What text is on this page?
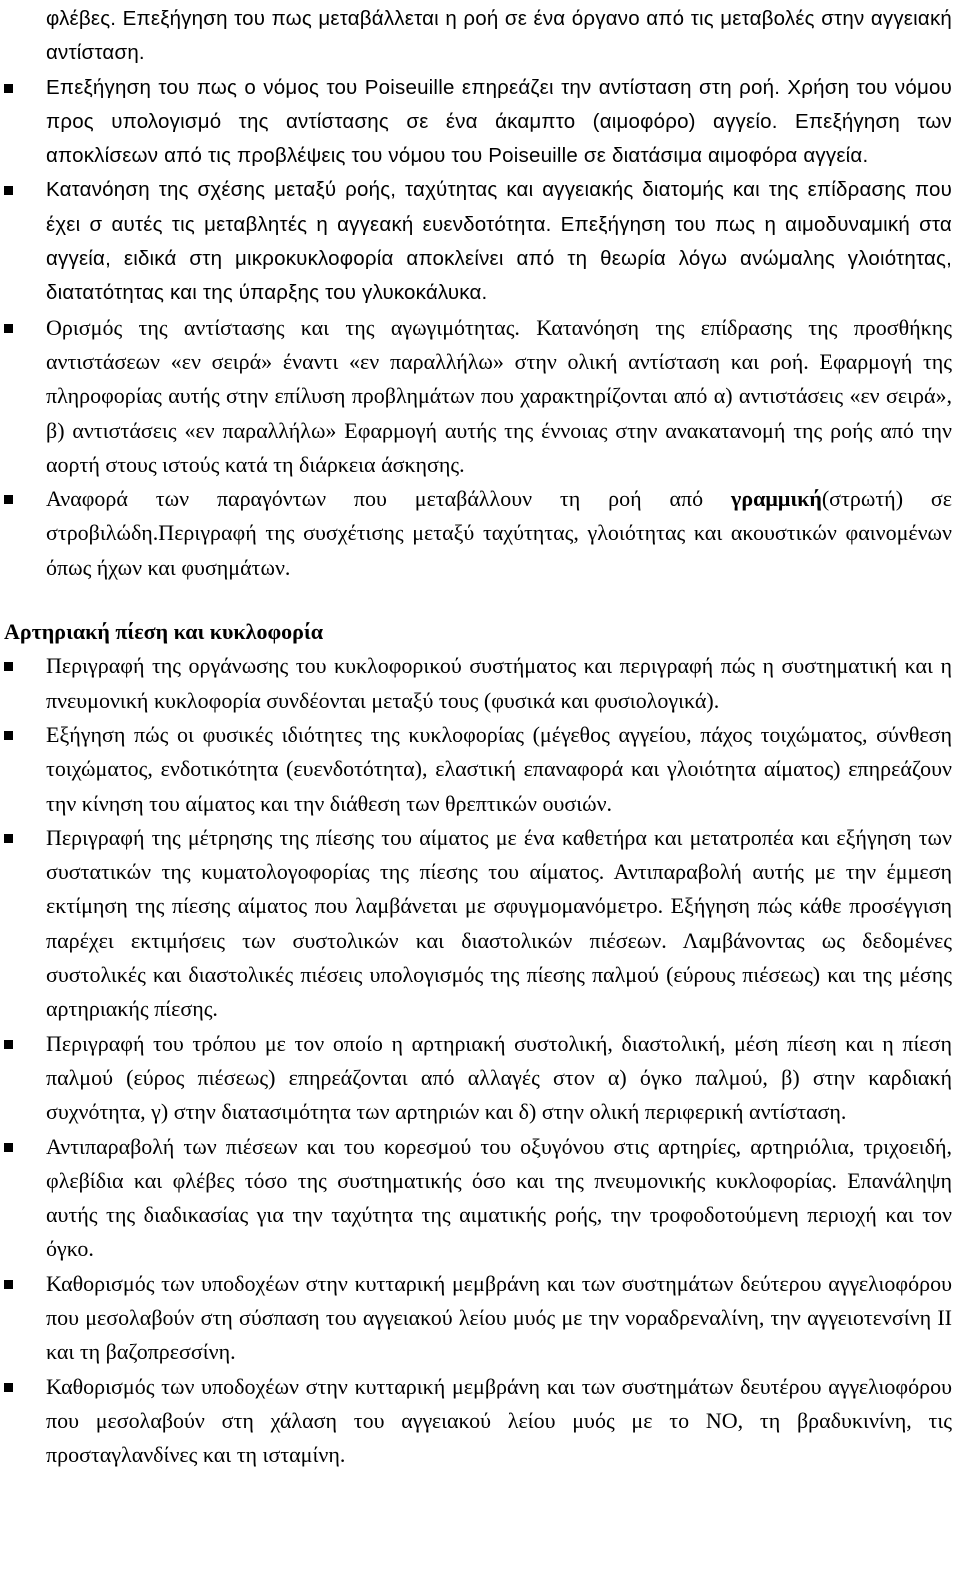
φλέβες. Επεξήγηση του πως μεταβάλλεται η ροή σε ένα όργανο από τις μεταβολές στην αγγειακή αντίσταση.

Επεξήγηση του πως ο νόμος του Poiseuille επηρεάζει την αντίσταση στη ροή. Χρήση του νόμου προς υπολογισμό της αντίστασης σε ένα άκαμπτο (αιμοφόρο) αγγείο. Επεξήγηση των αποκλίσεων από τις προβλέψεις του νόμου του Poiseuille σε διατάσιμα αιμοφόρα αγγεία.
Κατανόηση της σχέσης μεταξύ ροής, ταχύτητας και αγγειακής διατομής και της επίδρασης που έχει σ αυτές τις μεταβλητές η αγγεακή ευενδοτότητα. Επεξήγηση του πως η αιμοδυναμική στα αγγεία, ειδικά στη μικροκυκλοφορία αποκλείνει από τη θεωρία λόγω ανώμαλης γλοιότητας, διατατότητας και της ύπαρξης του γλυκοκάλυκα.
Ορισμός της αντίστασης και της αγωγιμότητας. Κατανόηση της επίδρασης της προσθήκης αντιστάσεων «εν σειρά» έναντι «εν παραλλήλω» στην ολική αντίσταση και ροή. Εφαρμογή της πληροφορίας αυτής στην επίλυση προβλημάτων που χαρακτηρίζονται από α) αντιστάσεις «εν σειρά», β) αντιστάσεις «εν παραλλήλω» Εφαρμογή αυτής της έννοιας στην ανακατανομή της ροής από την αορτή στους ιστούς κατά τη διάρκεια άσκησης.
Αναφορά των παραγόντων που μεταβάλλουν τη ροή από γραμμική(στρωτή) σε στροβιλώδη.Περιγραφή της συσχέτισης μεταξύ ταχύτητας, γλοιότητας και ακουστικών φαινομένων όπως ήχων και φυσημάτων.

Αρτηριακή πίεση και κυκλοφορία

Περιγραφή της οργάνωσης του κυκλοφορικού συστήματος και περιγραφή πώς η συστηματική και η πνευμονική κυκλοφορία συνδέονται μεταξύ τους (φυσικά και φυσιολογικά).
Εξήγηση πώς οι φυσικές ιδιότητες της κυκλοφορίας (μέγεθος αγγείου, πάχος τοιχώματος, σύνθεση τοιχώματος, ενδοτικότητα (ευενδοτότητα), ελαστική επαναφορά και γλοιότητα αίματος) επηρεάζουν την κίνηση του αίματος και την διάθεση των θρεπτικών ουσιών.
Περιγραφή της μέτρησης της πίεσης του αίματος με ένα καθετήρα και μετατροπέα και εξήγηση των συστατικών της κυματολογοφορίας της πίεσης του αίματος. Αντιπαραβολή αυτής με την έμμεση εκτίμηση της πίεσης αίματος που λαμβάνεται με σφυγμομανόμετρο. Εξήγηση πώς κάθε προσέγγιση παρέχει εκτιμήσεις των συστολικών και διαστολικών πιέσεων. Λαμβάνοντας ως δεδομένες συστολικές και διαστολικές πιέσεις υπολογισμός της πίεσης παλμού (εύρους πιέσεως) και της μέσης αρτηριακής πίεσης.
Περιγραφή του τρόπου με τον οποίο η αρτηριακή συστολική, διαστολική, μέση πίεση και η πίεση παλμού (εύρος πιέσεως) επηρεάζονται από αλλαγές στον α) όγκο παλμού, β) στην καρδιακή συχνότητα, γ) στην διατασιμότητα των αρτηριών και δ) στην ολική περιφερική αντίσταση.
Αντιπαραβολή των πιέσεων και του κορεσμού του οξυγόνου στις αρτηρίες, αρτηριόλια, τριχοειδή, φλεβίδια και φλέβες τόσο της συστηματικής όσο και της πνευμονικής κυκλοφορίας. Επανάληψη αυτής της διαδικασίας για την ταχύτητα της αιματικής ροής, την τροφοδοτούμενη περιοχή και τον όγκο.
Καθορισμός των υποδοχέων στην κυτταρική μεμβράνη και των συστημάτων δεύτερου αγγελιοφόρου που μεσολαβούν στη σύσπαση του αγγειακού λείου μυός με την νοραδρεναλίνη, την αγγειοτενσίνη ΙΙ και τη βαζοπρεσσίνη.
Καθορισμός των υποδοχέων στην κυτταρική μεμβράνη και των συστημάτων δευτέρου αγγελιοφόρου που μεσολαβούν στη χάλαση του αγγειακού λείου μυός με το ΝΟ, τη βραδυκινίνη, τις προσταγλανδίνες και τη ισταμίνη.
